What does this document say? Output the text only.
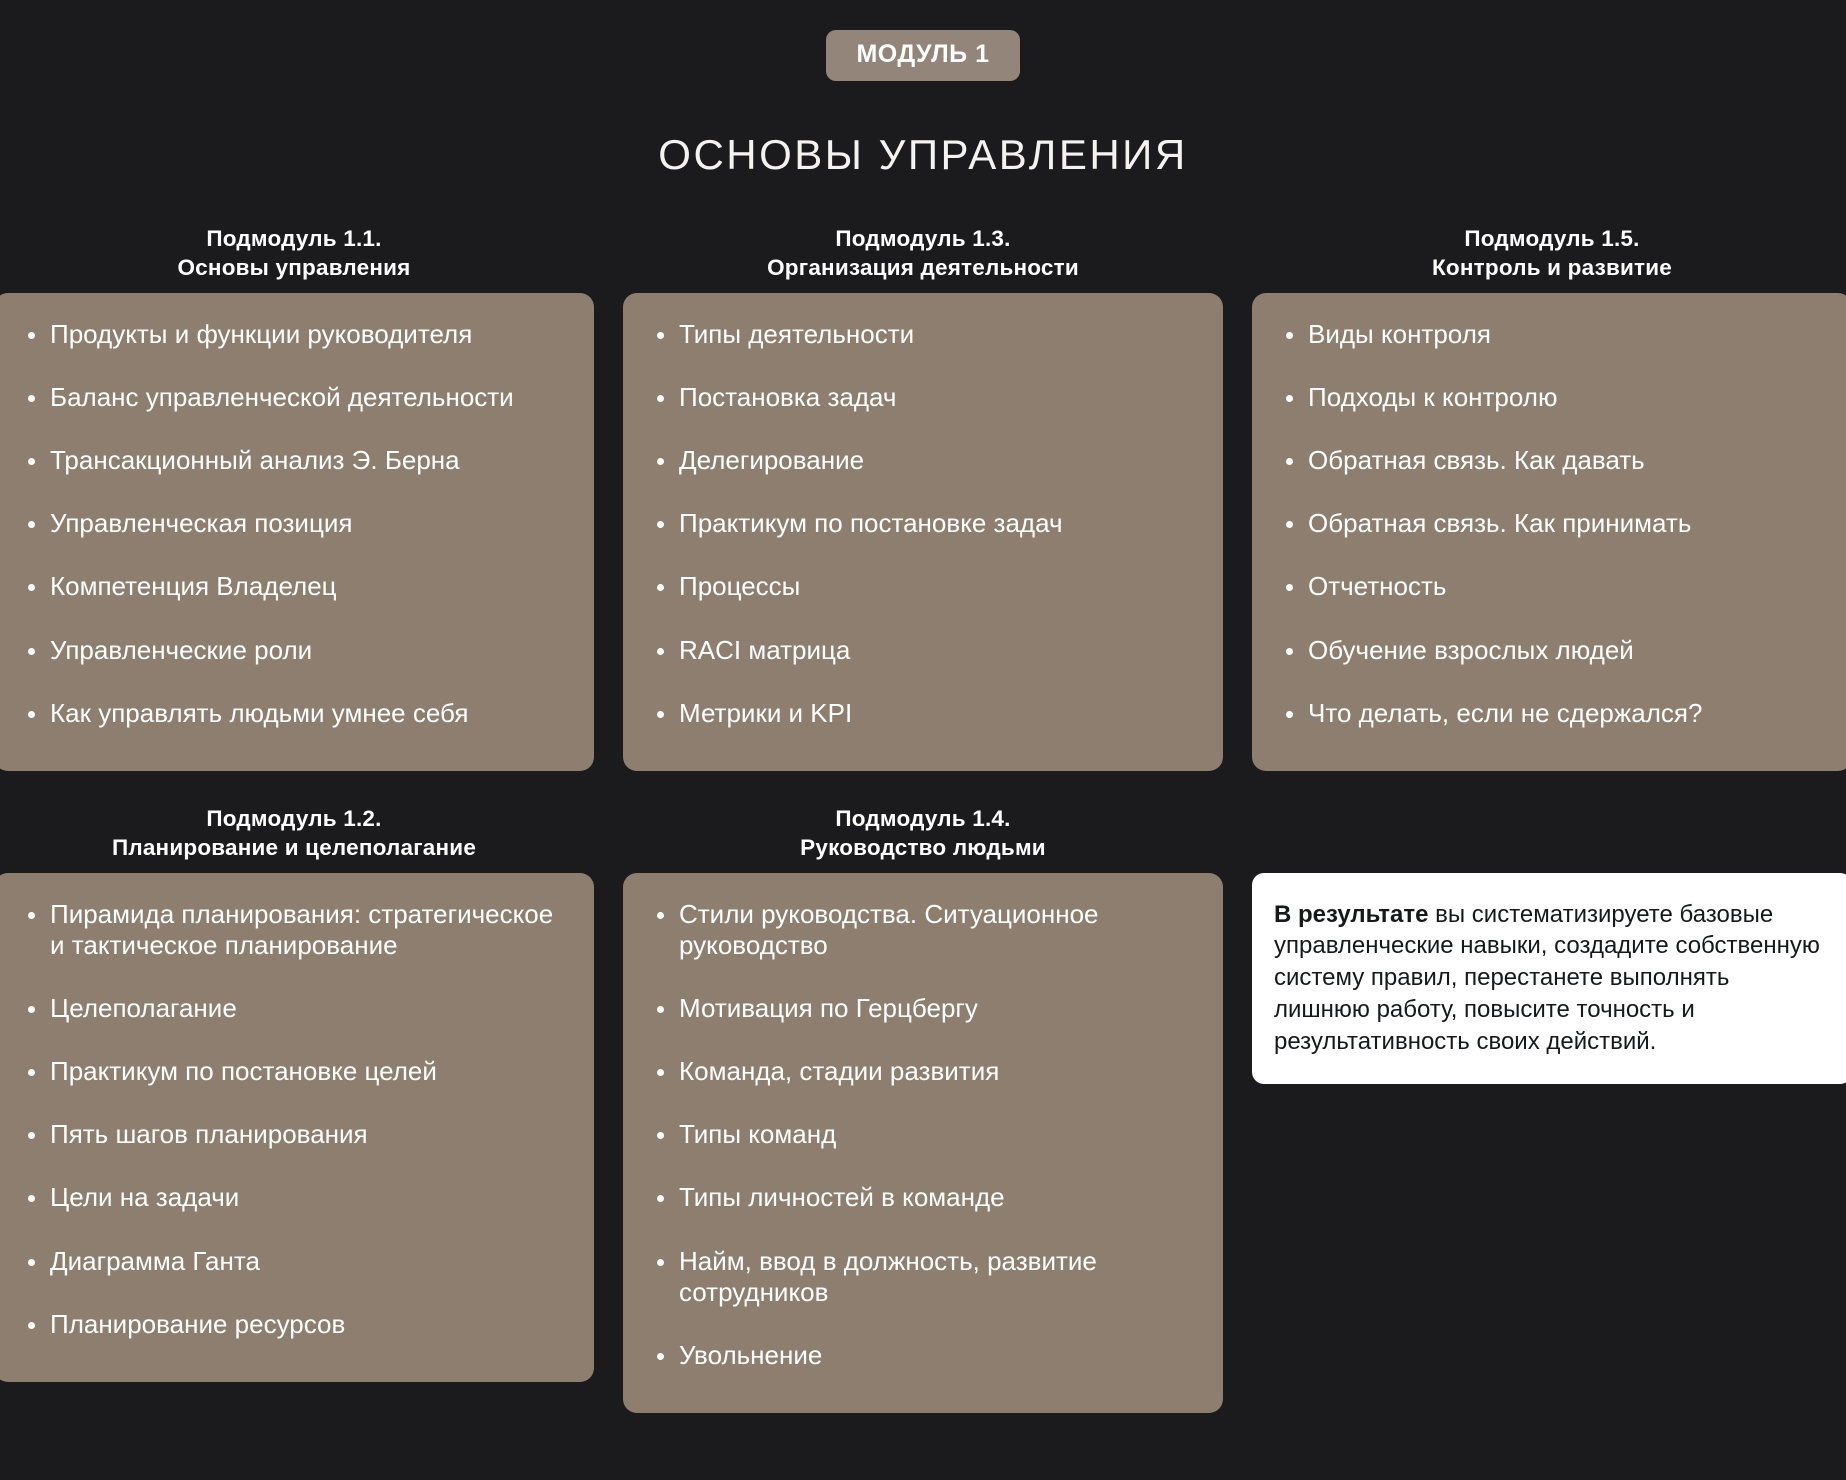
МОДУЛЬ 1
ОСНОВЫ УПРАВЛЕНИЯ
Подмодуль 1.1.
Основы управления
Продукты и функции руководителя
Баланс управленческой деятельности
Трансакционный анализ Э. Берна
Управленческая позиция
Компетенция Владелец
Управленческие роли
Как управлять людьми умнее себя
Подмодуль 1.3.
Организация деятельности
Типы деятельности
Постановка задач
Делегирование
Практикум по постановке задач
Процессы
RACI матрица
Метрики и KPI
Подмодуль 1.5.
Контроль и развитие
Виды контроля
Подходы к контролю
Обратная связь. Как давать
Обратная связь. Как принимать
Отчетность
Обучение взрослых людей
Что делать, если не сдержался?
Подмодуль 1.2.
Планирование и целеполагание
Пирамида планирования: стратегическое и тактическое планирование
Целеполагание
Практикум по постановке целей
Пять шагов планирования
Цели на задачи
Диаграмма Ганта
Планирование ресурсов
Подмодуль 1.4.
Руководство людьми
Стили руководства. Ситуационное руководство
Мотивация по Герцбергу
Команда, стадии развития
Типы команд
Типы личностей в команде
Найм, ввод в должность, развитие сотрудников
Увольнение
В результате вы систематизируете базовые управленческие навыки, создадите собственную систему правил, перестанете выполнять лишнюю работу, повысите точность и результативность своих действий.
